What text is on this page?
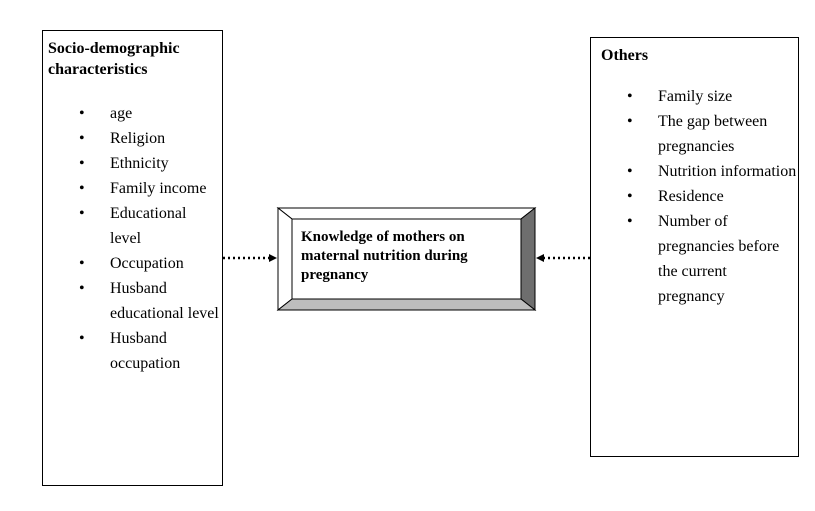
Socio-demographic characteristics
• age
• Religion
• Ethnicity
• Family income
• Educational level
• Occupation
• Husband educational level
• Husband occupation
Knowledge of mothers on maternal nutrition during pregnancy
Others
• Family size
• The gap between pregnancies
• Nutrition information
• Residence
• Number of pregnancies before the current pregnancy
